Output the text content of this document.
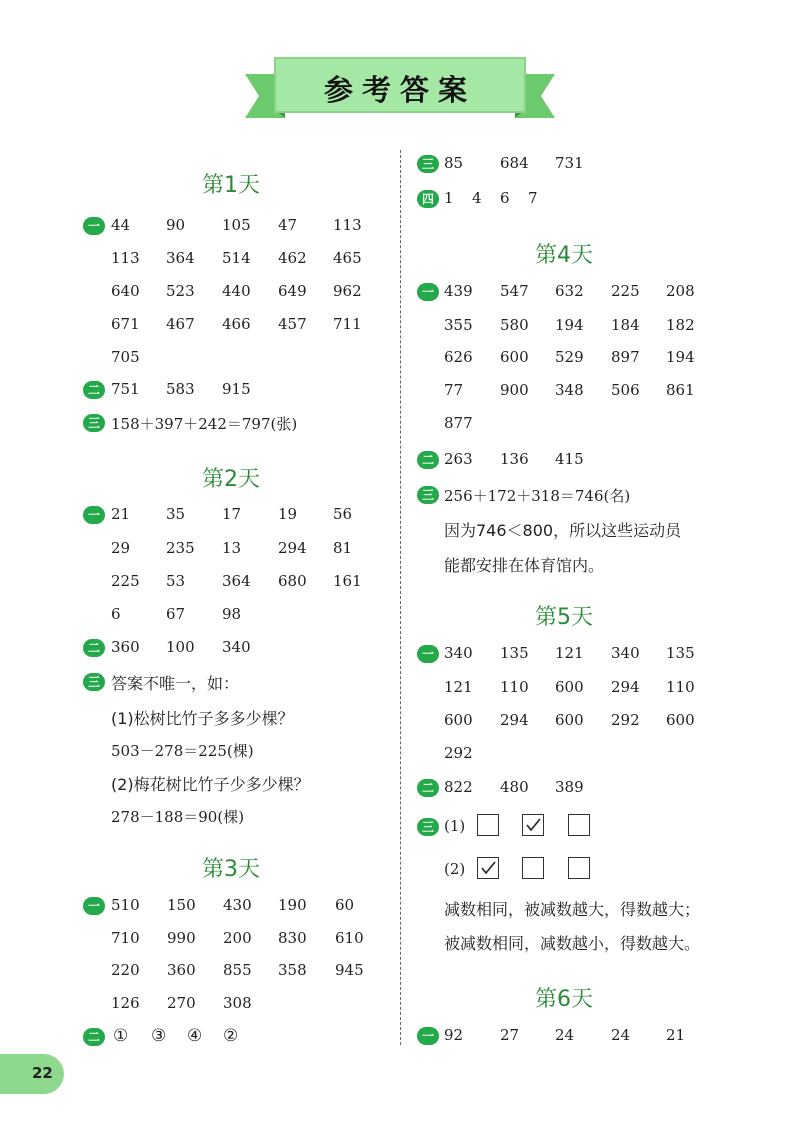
参考答案
第1天
一 44 90 105 47 113
113 364 514 462 465
640 523 440 649 962
671 467 466 457 711
705
二 751 583 915
三 158＋397＋242＝797(张)
第2天
一 21 35 17 19 56
29 235 13 294 81
225 53 364 680 161
6	67 98
二 360 100 340
三 答案不唯一，如：
(1)松树比竹子多多少棵？
503－278＝225(棵)
(2)梅花树比竹子少多少棵？
278－188＝90(棵)
第3天
一 510 150 430 190 60
710 990 200 830 610
220 360 855 358 945
126 270 308
二 ① ③ ④ ②
三 85 684 731
四 1 4 6 7
第4天
一 439 547 632 225 208
355 580 194 184 182
626 600 529 897 194
77 900 348 506 861
877
二 263 136 415
三 256＋172＋318＝746(名)
因为746＜800，所以这些运动员
能都安排在体育馆内。
第5天
一 340 135 121 340 135
121 110 600 294 110
600 294 600 292 600
292
二 822 480 389
三 (1)
(2)
减数相同，被减数越大，得数越大；
被减数相同，减数越小，得数越大。
第6天
一 92 27 24 24 21
22
